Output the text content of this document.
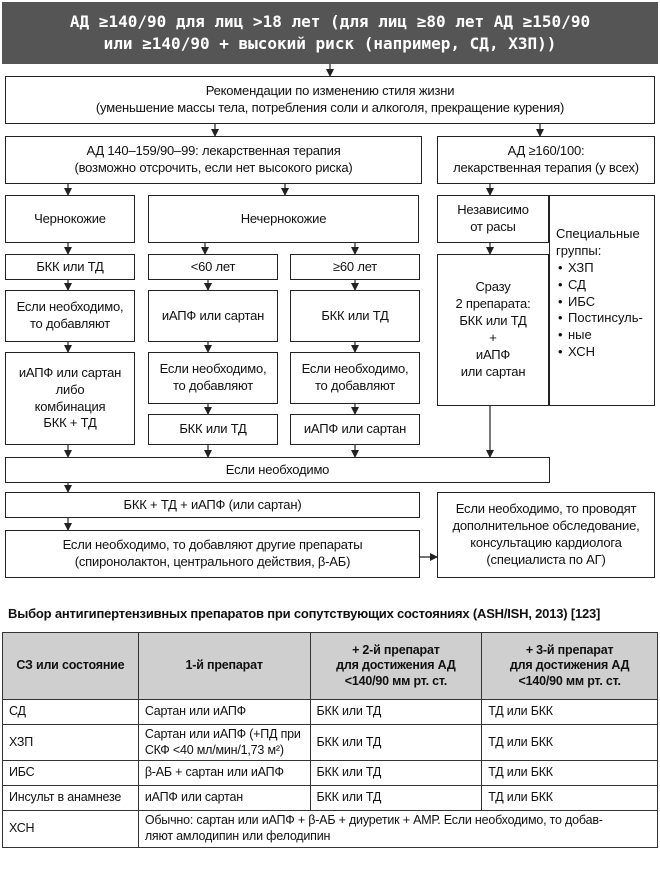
АД ≥140/90 для лиц >18 лет (для лиц ≥80 лет АД ≥150/90
или ≥140/90 + высокий риск (например, СД, ХЗП))
Рекомендации по изменению стиля жизни
(уменьшение массы тела, потребления соли и алкоголя, прекращение курения)
АД 140–159/90–99: лекарственная терапия
(возможно отсрочить, если нет высокого риска)
АД ≥160/100:
лекарственная терапия (у всех)
Чернокожие	Нечернокожие
Независимо
от расы	Специальные
группы:
• ХЗП
• СД
• ИБС
• Постинсуль-
• ные
• ХСН
БКК или ТД	<60 лет	≥60 лет
Сразу
2 препарата:
БКК или ТД
+
иАПФ
или сартан
Если необходимо,
то добавляют
иАПФ или сартан	БКК или ТД
иАПФ или сартан
либо
комбинация
БКК + ТД
Если необходимо,
то добавляют
Если необходимо,
то добавляют
БКК или ТД	иАПФ или сартан
Если необходимо
БКК + ТД + иАПФ (или сартан)
Если необходимо, то добавляют другие препараты
(спиронолактон, центрального действия, β-АБ)
Если необходимо, то проводят
дополнительное обследование,
консультацию кардиолога
(специалиста по АГ)
Выбор антигипертензивных препаратов при сопутствующих состояниях (ASH/ISH, 2013) [123]
СЗ или состояние	1-й препарат	+ 2-й препарат
для достижения АД
<140/90 мм рт. ст.	+ 3-й препарат
для достижения АД
<140/90 мм рт. ст.

СД	Сартан или иАПФ	БКК или ТД	ТД или БКК
ХЗП	Сартан или иАПФ (+ПД при
СКФ <40 мл/мин/1,73 м²)	БКК или ТД	ТД или БКК
ИБС	β-АБ + сартан или иАПФ	БКК или ТД	ТД или БКК
Инсульт в анамнезе	иАПФ или сартан	БКК или ТД	ТД или БКК
ХСН	Обычно: сартан или иАПФ + β-АБ + диуретик + АМР. Если необходимо, то добав-
ляют амлодипин или фелодипин		
